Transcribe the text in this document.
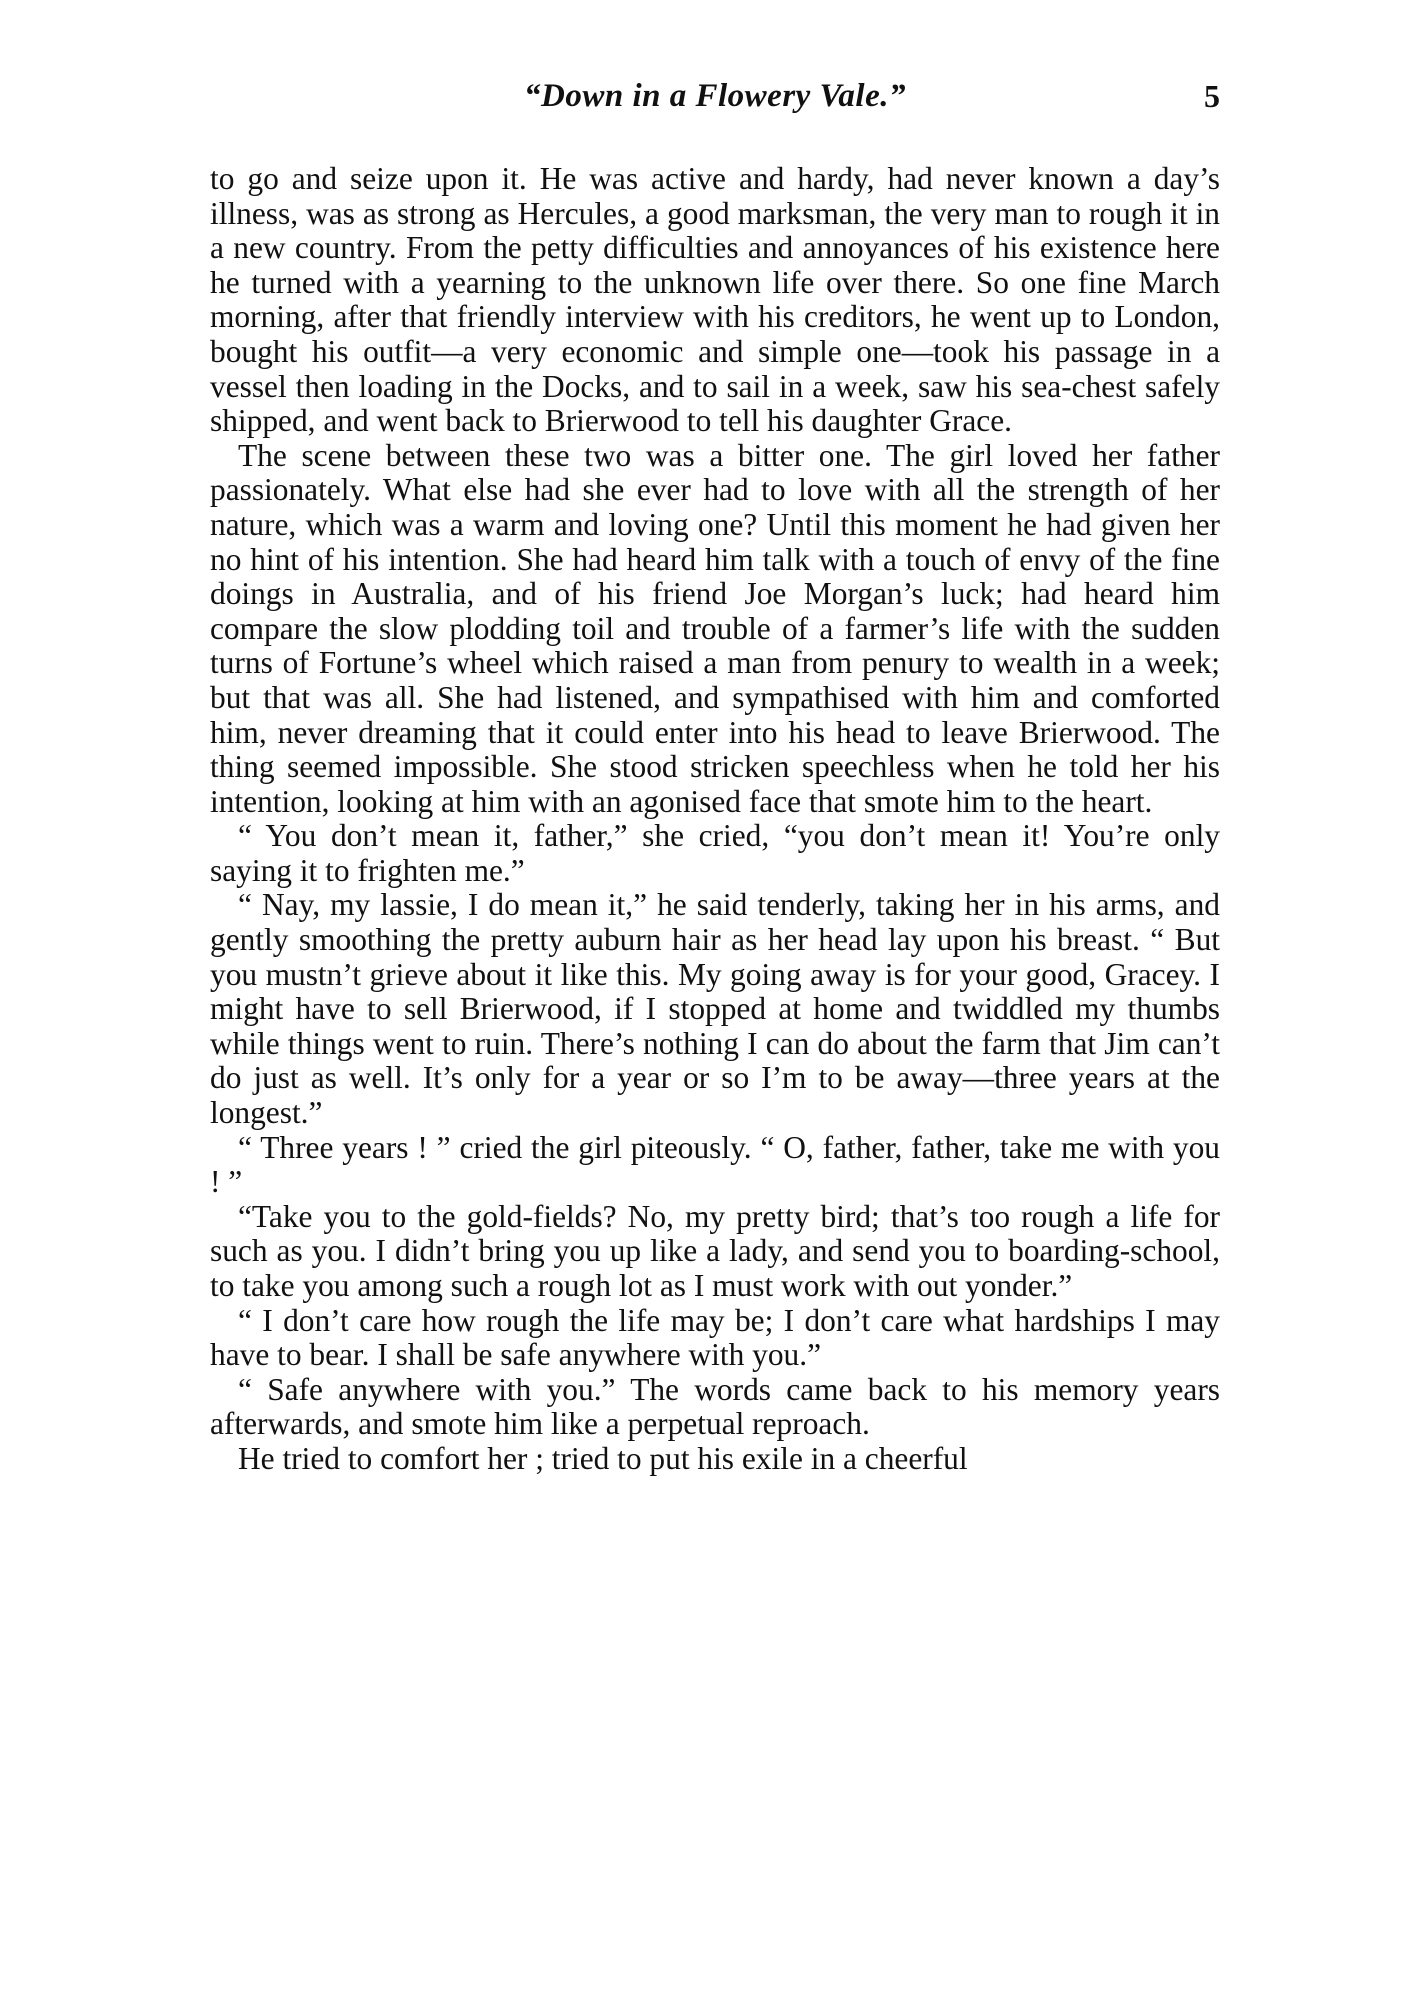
“Down in a Flowery Vale.”	5

to go and seize upon it. He was active and hardy, had never known a day’s illness, was as strong as Hercules, a good marksman, the very man to rough it in a new country. From the petty difficulties and annoyances of his existence here he turned with a yearning to the unknown life over there. So one fine March morning, after that friendly interview with his creditors, he went up to London, bought his outfit—a very economic and simple one—took his passage in a vessel then loading in the Docks, and to sail in a week, saw his sea-chest safely shipped, and went back to Brierwood to tell his daughter Grace.

The scene between these two was a bitter one. The girl loved her father passionately. What else had she ever had to love with all the strength of her nature, which was a warm and loving one? Until this moment he had given her no hint of his intention. She had heard him talk with a touch of envy of the fine doings in Australia, and of his friend Joe Morgan’s luck; had heard him compare the slow plodding toil and trouble of a farmer’s life with the sudden turns of Fortune’s wheel which raised a man from penury to wealth in a week; but that was all. She had listened, and sympathised with him and comforted him, never dreaming that it could enter into his head to leave Brierwood. The thing seemed impossible. She stood stricken speechless when he told her his intention, looking at him with an agonised face that smote him to the heart.

“ You don’t mean it, father,” she cried, “you don’t mean it! You’re only saying it to frighten me.”

“ Nay, my lassie, I do mean it,” he said tenderly, taking her in his arms, and gently smoothing the pretty auburn hair as her head lay upon his breast. “ But you mustn’t grieve about it like this. My going away is for your good, Gracey. I might have to sell Brierwood, if I stopped at home and twiddled my thumbs while things went to ruin. There’s nothing I can do about the farm that Jim can’t do just as well. It’s only for a year or so I’m to be away—three years at the longest.”

“ Three years ! ” cried the girl piteously. “ O, father, father, take me with you ! ”

“Take you to the gold-fields? No, my pretty bird; that’s too rough a life for such as you. I didn’t bring you up like a lady, and send you to boarding-school, to take you among such a rough lot as I must work with out yonder.”

“ I don’t care how rough the life may be; I don’t care what hardships I may have to bear. I shall be safe anywhere with you.”

“ Safe anywhere with you.” The words came back to his memory years afterwards, and smote him like a perpetual reproach.

He tried to comfort her ; tried to put his exile in a cheerful
